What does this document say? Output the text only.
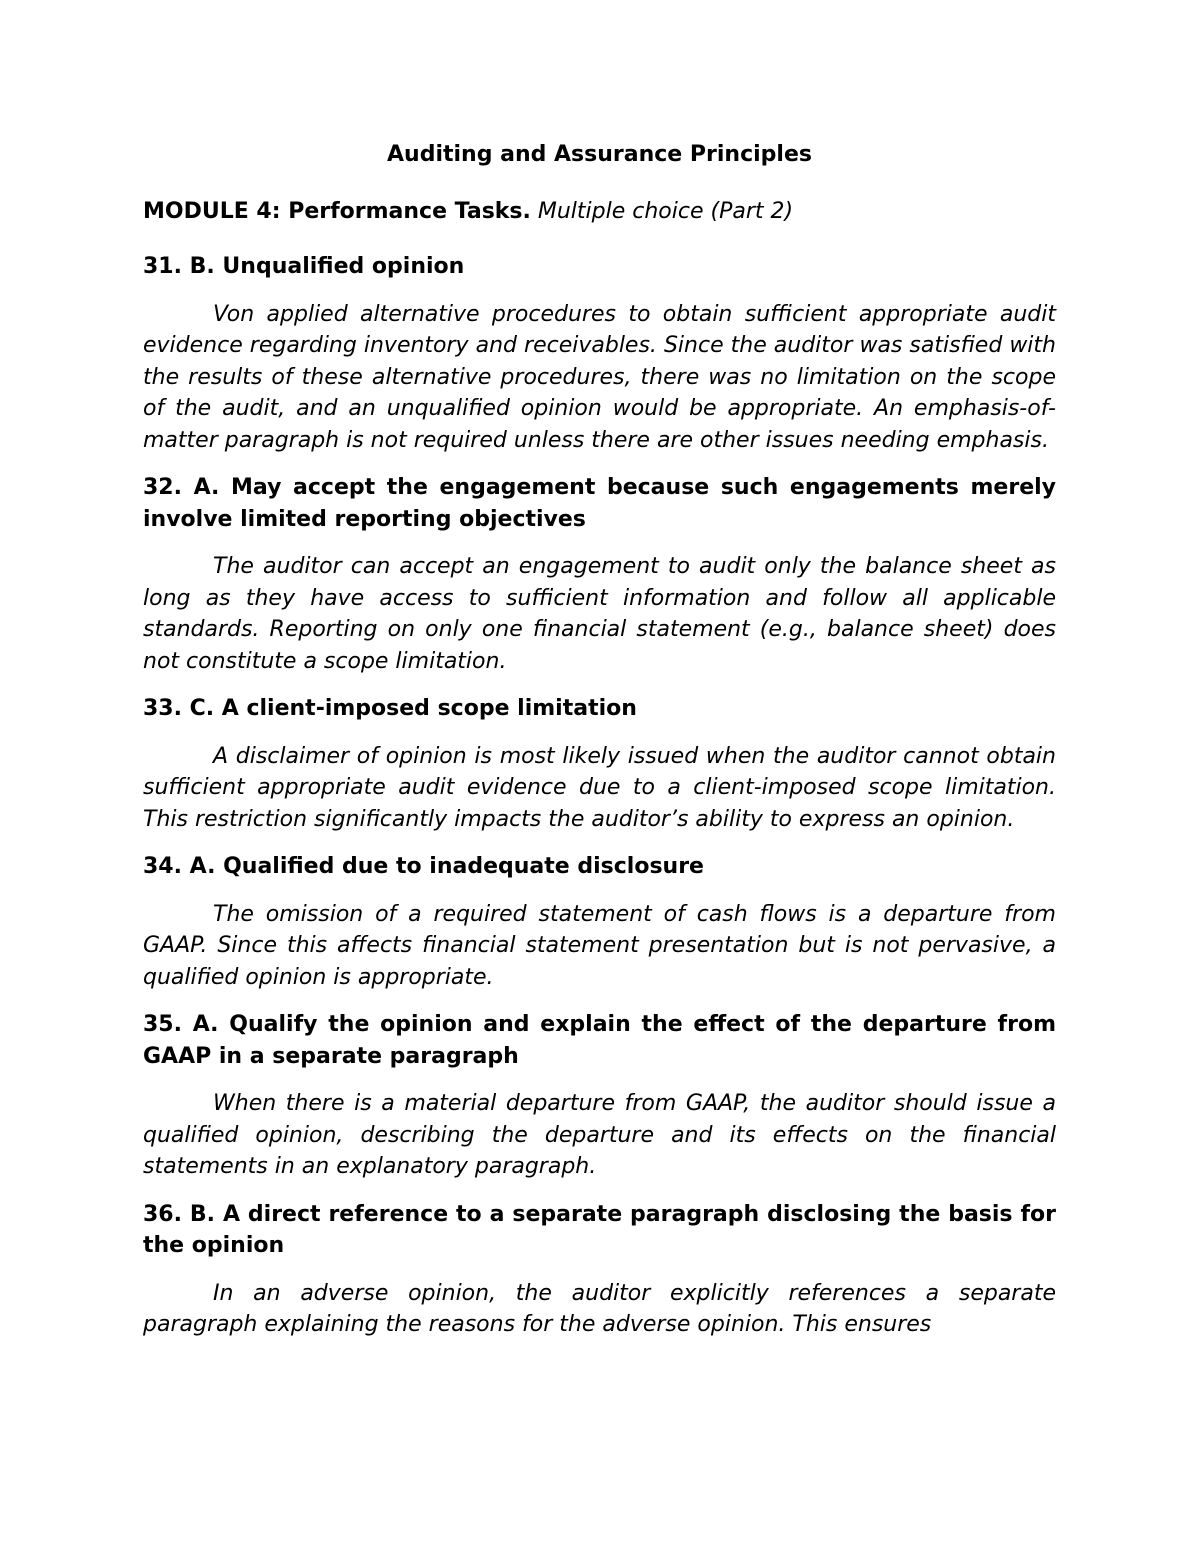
Auditing and Assurance Principles
MODULE 4: Performance Tasks. Multiple choice (Part 2)
31. B. Unqualified opinion
Von applied alternative procedures to obtain sufficient appropriate audit evidence regarding inventory and receivables. Since the auditor was satisfied with the results of these alternative procedures, there was no limitation on the scope of the audit, and an unqualified opinion would be appropriate. An emphasis-of-matter paragraph is not required unless there are other issues needing emphasis.
32. A. May accept the engagement because such engagements merely involve limited reporting objectives
The auditor can accept an engagement to audit only the balance sheet as long as they have access to sufficient information and follow all applicable standards. Reporting on only one financial statement (e.g., balance sheet) does not constitute a scope limitation.
33. C. A client-imposed scope limitation
A disclaimer of opinion is most likely issued when the auditor cannot obtain sufficient appropriate audit evidence due to a client-imposed scope limitation. This restriction significantly impacts the auditor’s ability to express an opinion.
34. A. Qualified due to inadequate disclosure
The omission of a required statement of cash flows is a departure from GAAP. Since this affects financial statement presentation but is not pervasive, a qualified opinion is appropriate.
35. A. Qualify the opinion and explain the effect of the departure from GAAP in a separate paragraph
When there is a material departure from GAAP, the auditor should issue a qualified opinion, describing the departure and its effects on the financial statements in an explanatory paragraph.
36. B. A direct reference to a separate paragraph disclosing the basis for the opinion
In an adverse opinion, the auditor explicitly references a separate paragraph explaining the reasons for the adverse opinion. This ensures
